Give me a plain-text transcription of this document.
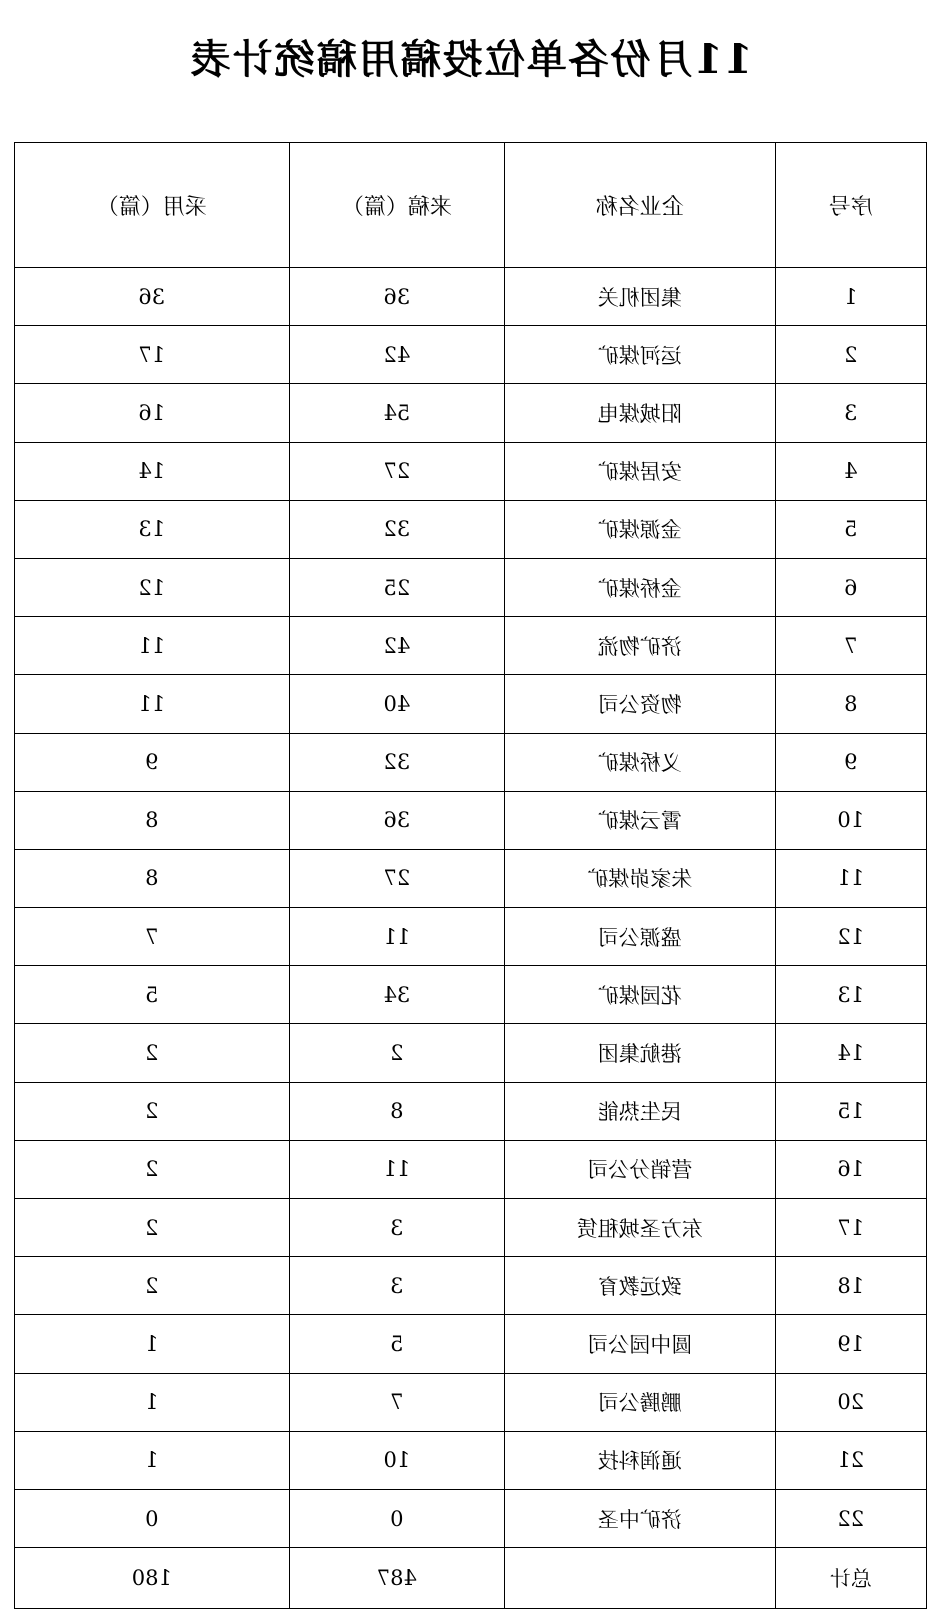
11月份各单位投稿用稿统计表
序号	企业名称	来稿（篇）	采用（篇）
1	集团机关	36	36
2	运河煤矿	42	17
3	阳城煤电	54	16
4	安居煤矿	27	14
5	金源煤矿	32	13
6	金桥煤矿	25	12
7	济矿物流	42	11
8	物资公司	40	11
9	义桥煤矿	32	9
10	霄云煤矿	36	8
11	朱家峁煤矿	27	8
12	盛源公司	11	7
13	花园煤矿	34	5
14	港航集团	2	2
15	民生热能	8	2
16	营销分公司	11	2
17	东方圣城租赁	3	2
18	致远教育	3	2
19	圆中园公司	5	1
20	鹏腾公司	7	1
21	通润科技	10	1
22	济矿中圣	0	0
总计		487	180
